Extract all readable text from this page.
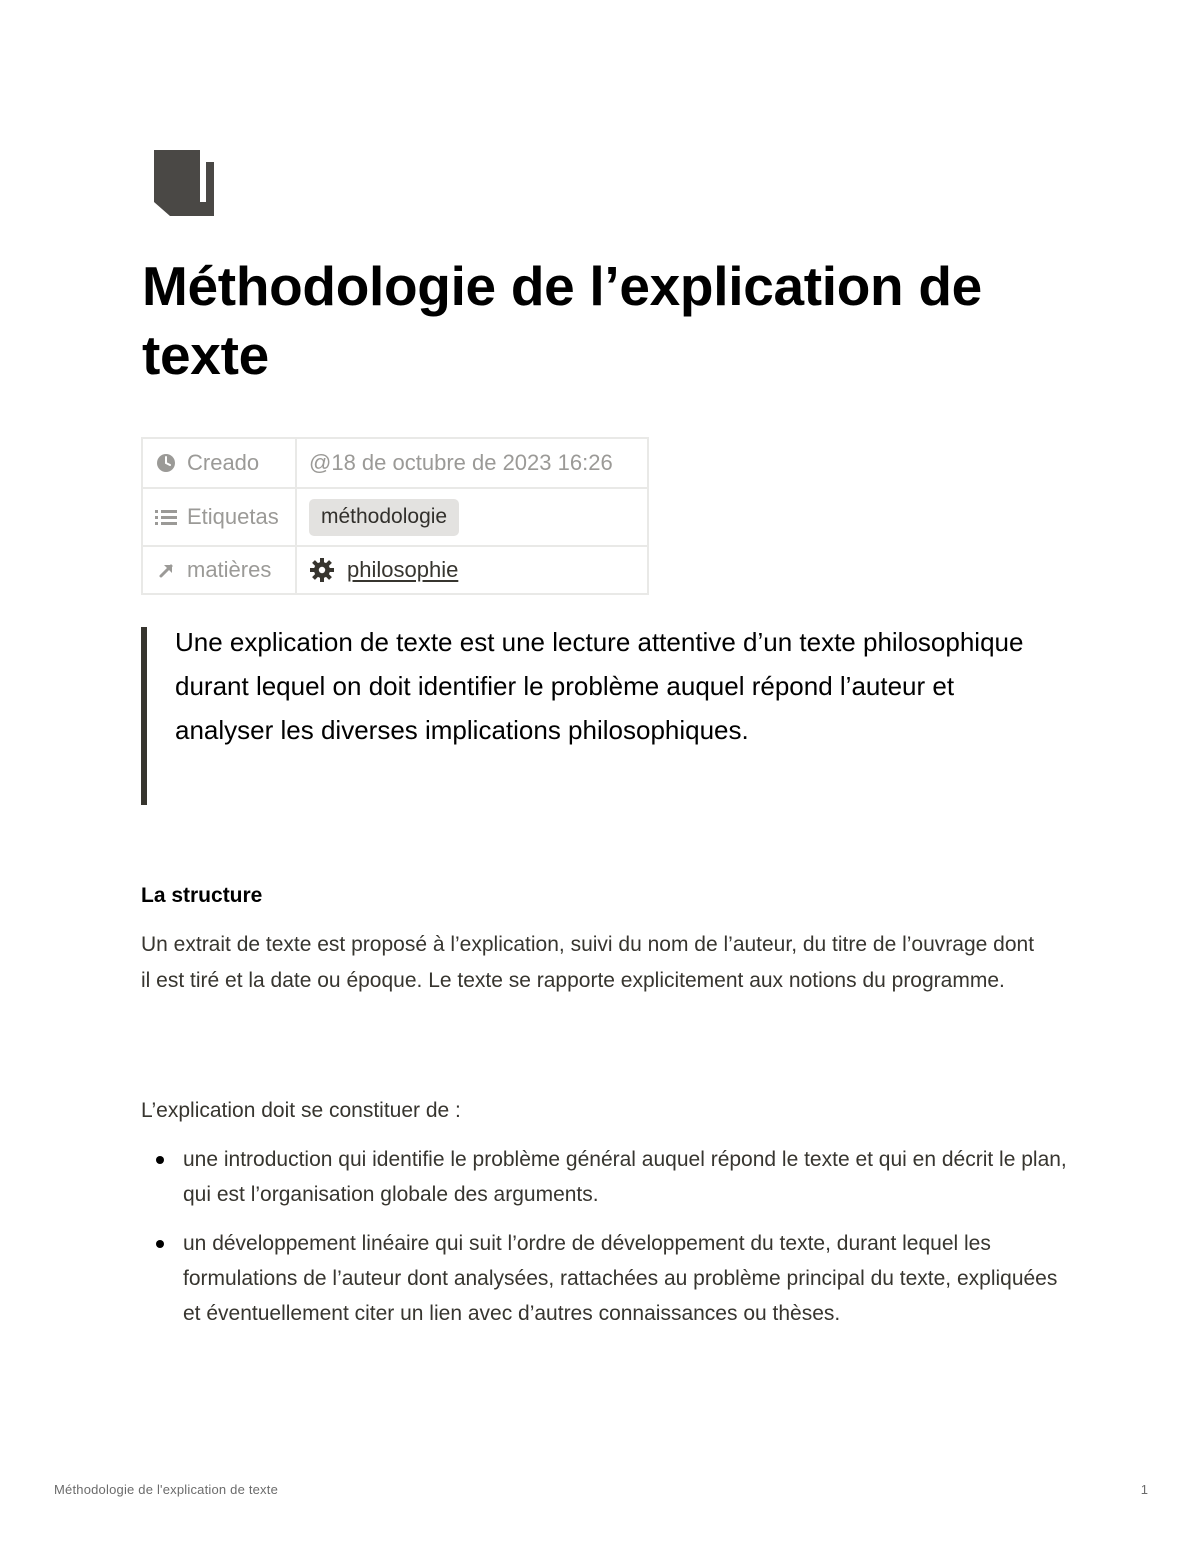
Méthodologie de l’explication de texte
Creado	@18 de octubre de 2023 16:26

Etiquetas	méthodologie

matières	philosophie

Une explication de texte est une lecture attentive d’un texte philosophique durant lequel on doit identifier le problème auquel répond l’auteur et analyser les diverses implications philosophiques.

La structure

Un extrait de texte est proposé à l’explication, suivi du nom de l’auteur, du titre de l’ouvrage dont il est tiré et la date ou époque. Le texte se rapporte explicitement aux notions du programme.

L’explication doit se constituer de :

une introduction qui identifie le problème général auquel répond le texte et qui en décrit le plan, qui est l’organisation globale des arguments.
un développement linéaire qui suit l’ordre de développement du texte, durant lequel les formulations de l’auteur dont analysées, rattachées au problème principal du texte, expliquées et éventuellement citer un lien avec d’autres connaissances ou thèses.
Méthodologie de l'explication de texte	1
